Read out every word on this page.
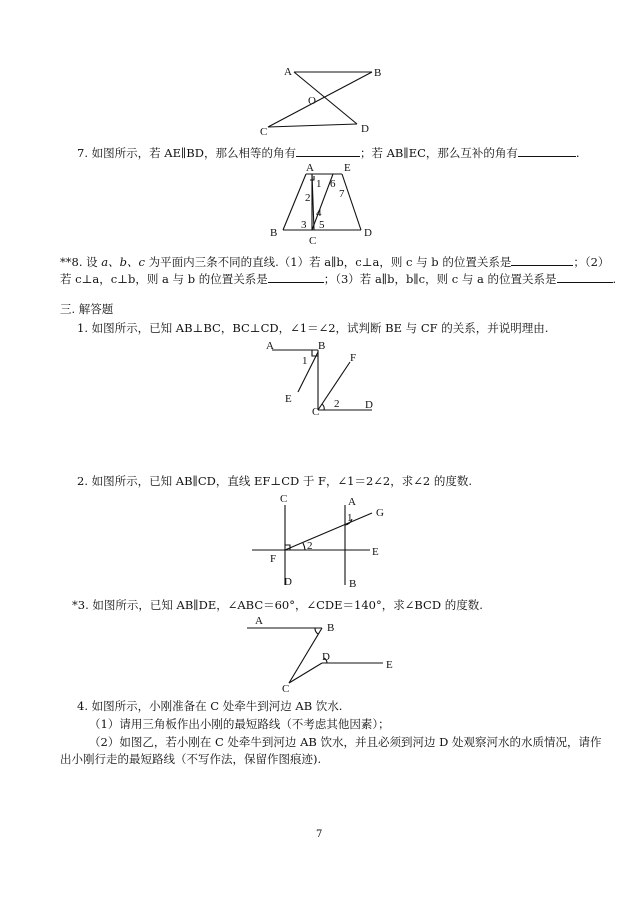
A	B
O
C	D
A	E
B
C
D
1
2
3
4
5
6
7
A	B
F
E
C
D
1
2
C	A
G
E
F
D	B
1
2
A
B
D
E
C
7. 如图所示，若 AE∥BD，那么相等的角有	；若 AB∥EC，那么互补的角有	.
**8. 设 a、b、c 为平面内三条不同的直线.（1）若 a∥b，c⊥a，则 c 与 b 的位置关系是	；（2）
若 c⊥a，c⊥b，则 a 与 b 的位置关系是	；（3）若 a∥b，b∥c，则 c 与 a 的位置关系是	.
三. 解答题
1. 如图所示，已知 AB⊥BC，BC⊥CD，∠1＝∠2，试判断 BE 与 CF 的关系，并说明理由.
2. 如图所示，已知 AB∥CD，直线 EF⊥CD 于 F，∠1＝2∠2，求∠2 的度数.
*3. 如图所示，已知 AB∥DE，∠ABC＝60°，∠CDE＝140°，求∠BCD 的度数.
4. 如图所示，小刚准备在 C 处牵牛到河边 AB 饮水.
（1）请用三角板作出小刚的最短路线（不考虑其他因素）；
（2）如图乙，若小刚在 C 处牵牛到河边 AB 饮水，并且必须到河边 D 处观察河水的水质情况，请作
出小刚行走的最短路线（不写作法，保留作图痕迹).
7
